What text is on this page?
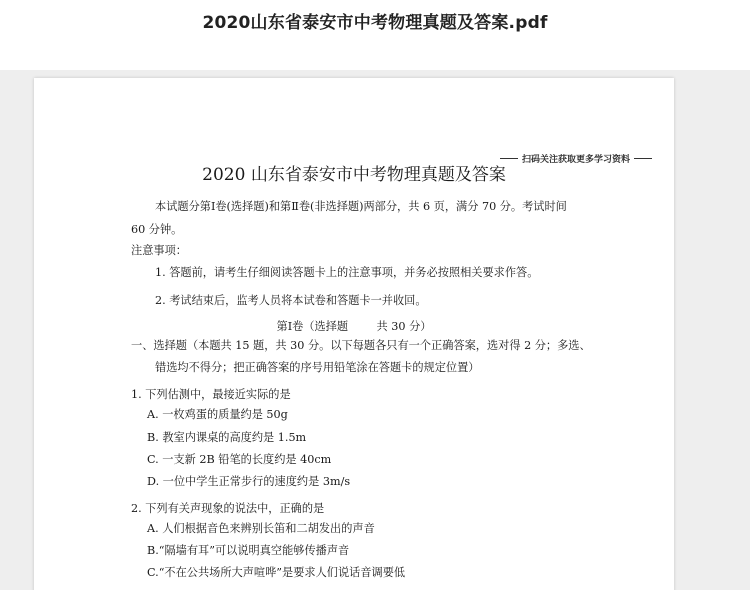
2020山东省泰安市中考物理真题及答案.pdf
扫码关注获取更多学习资料
2020 山东省泰安市中考物理真题及答案
本试题分第Ⅰ卷(选择题)和第Ⅱ卷(非选择题)两部分，共 6 页，满分 70 分。考试时间
60 分钟。
注意事项：
1. 答题前，请考生仔细阅读答题卡上的注意事项，并务必按照相关要求作答。
2. 考试结束后，监考人员将本试卷和答题卡一并收回。
第Ⅰ卷（选择题        共 30 分）
一、选择题（本题共 15 题，共 30 分。以下每题各只有一个正确答案，选对得 2 分；多选、
错选均不得分；把正确答案的序号用铅笔涂在答题卡的规定位置）
1. 下列估测中，最接近实际的是
A. 一枚鸡蛋的质量约是 50g
B. 教室内课桌的高度约是 1.5m
C. 一支新 2B 铅笔的长度约是 40cm
D. 一位中学生正常步行的速度约是 3m/s
2. 下列有关声现象的说法中，正确的是
A. 人们根据音色来辨别长笛和二胡发出的声音
B.“隔墙有耳”可以说明真空能够传播声音
C.“不在公共场所大声喧哗”是要求人们说话音调要低
